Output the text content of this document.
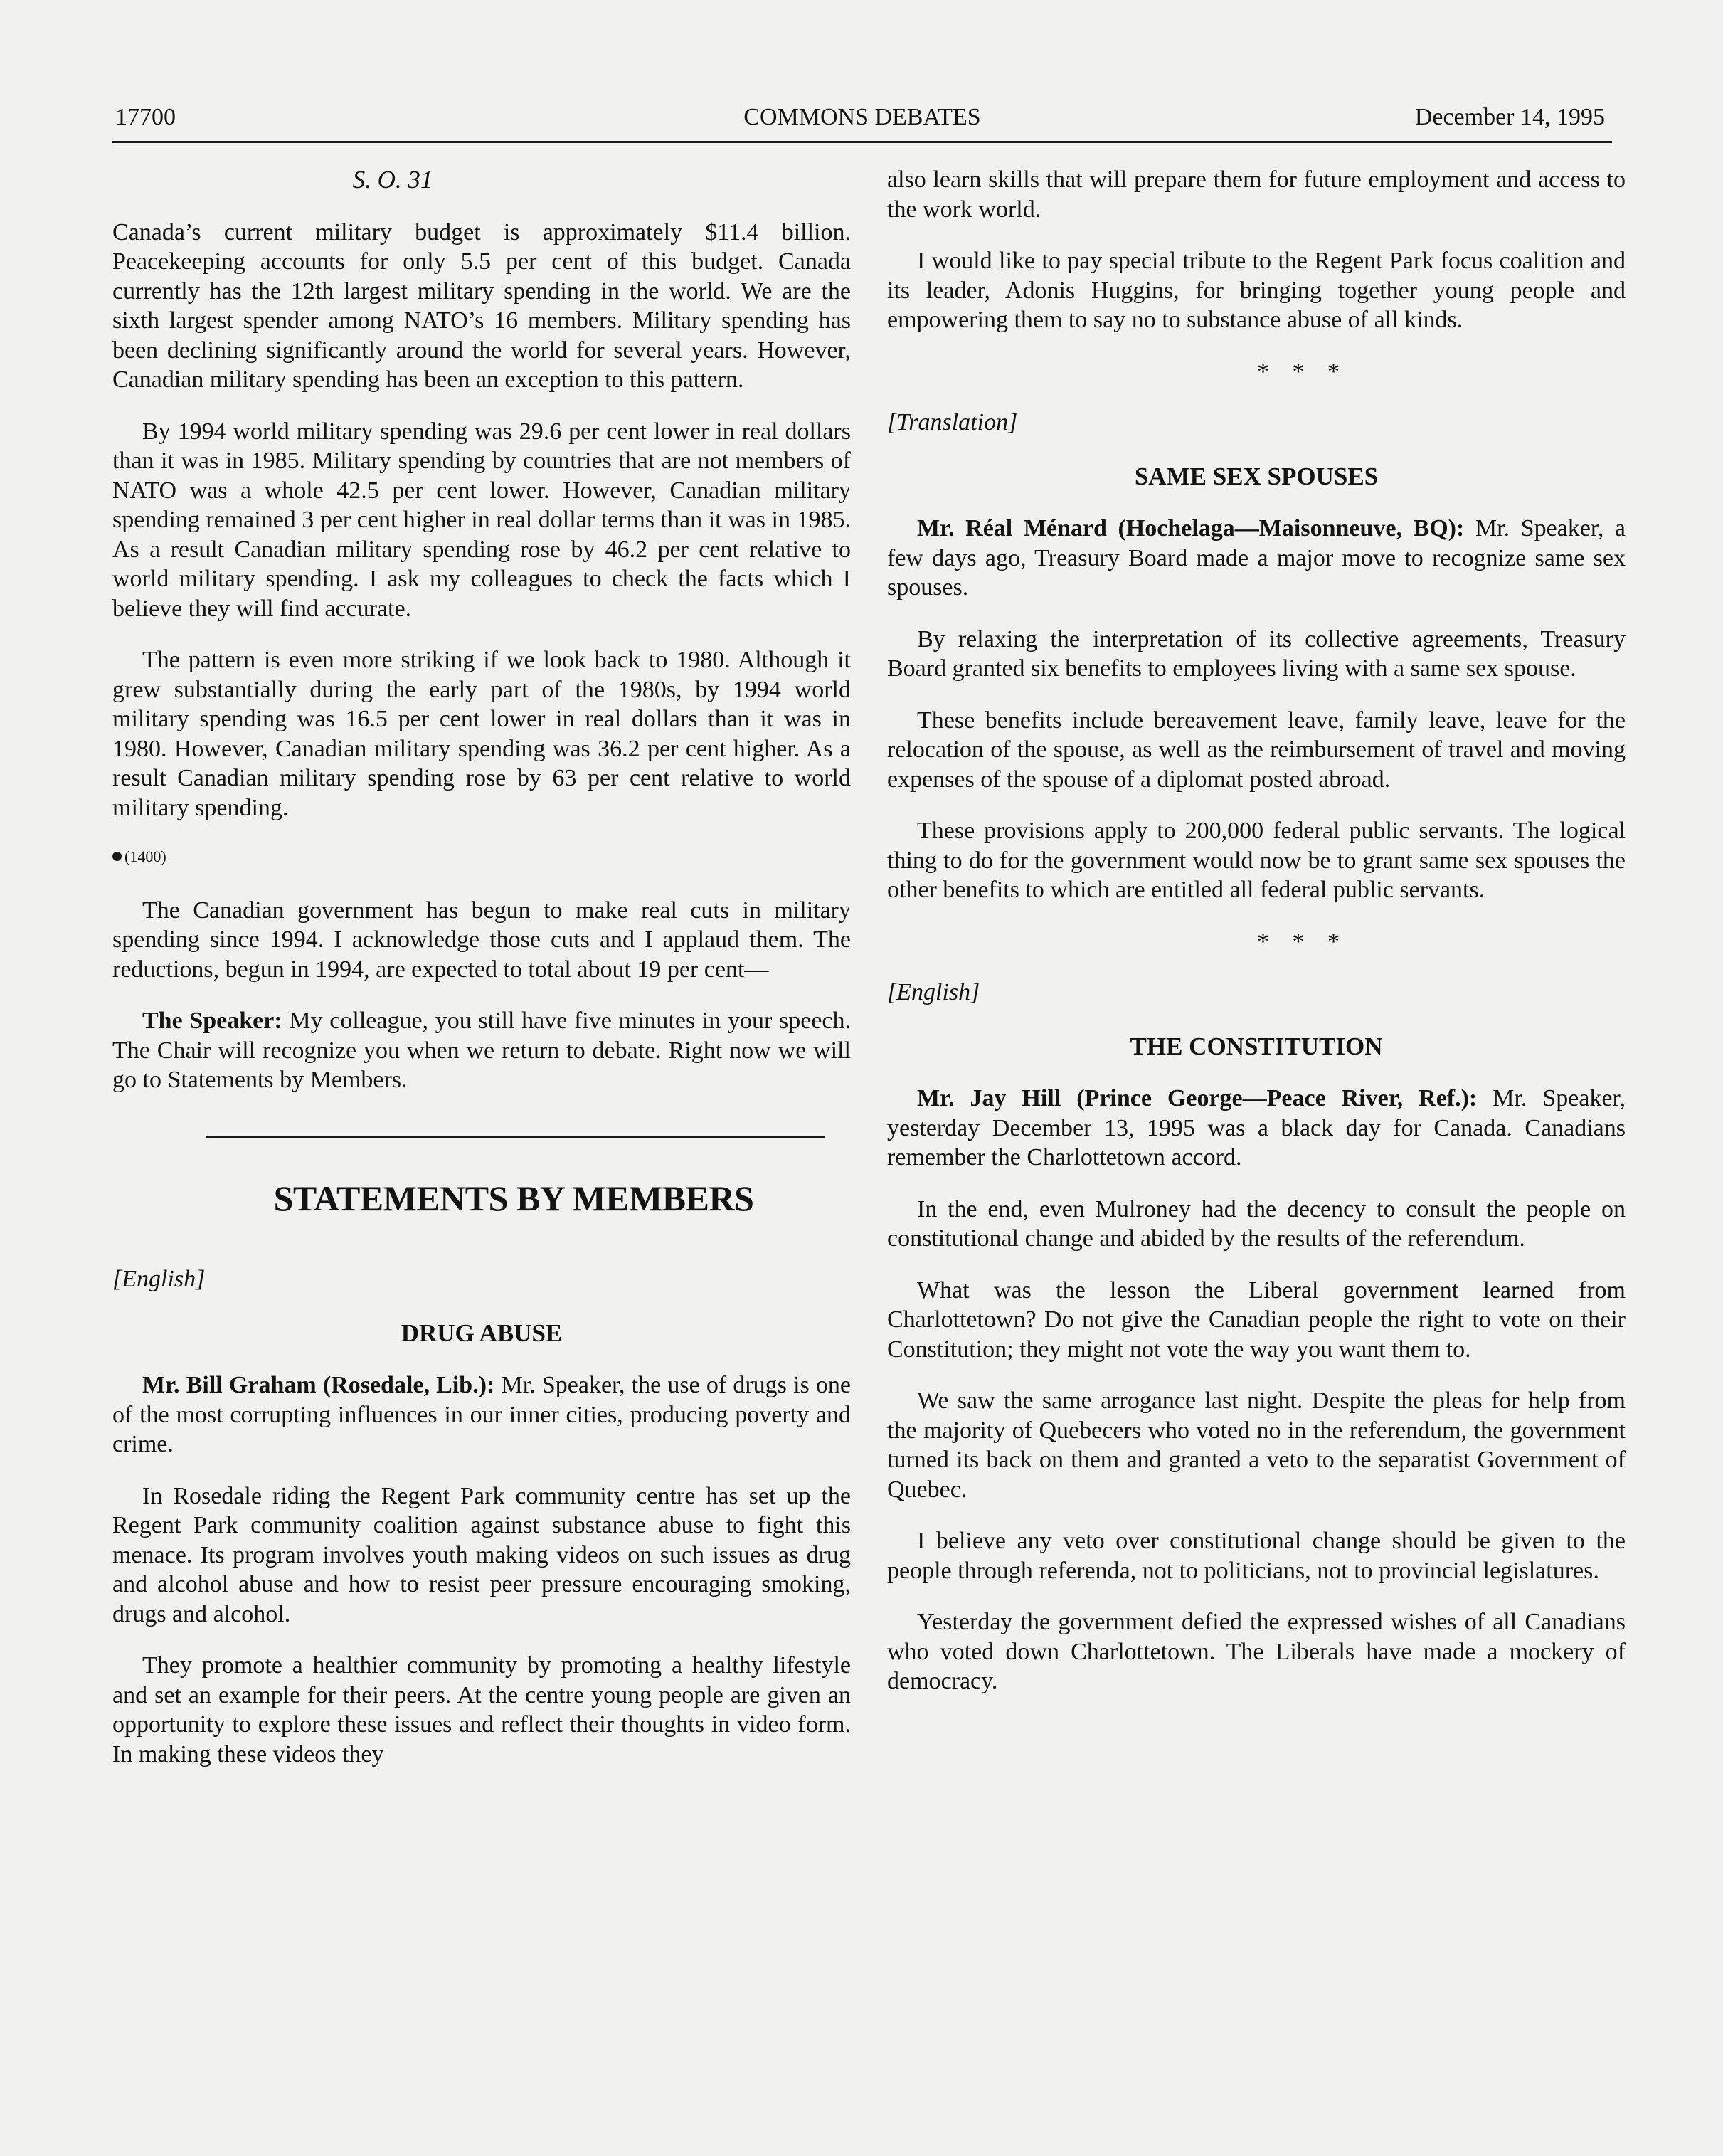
17700	COMMONS DEBATES	December 14, 1995
S. O. 31

Canada’s current military budget is approximately $11.4 billion. Peacekeeping accounts for only 5.5 per cent of this budget. Canada currently has the 12th largest military spending in the world. We are the sixth largest spender among NATO’s 16 members. Military spending has been declining significantly around the world for several years. However, Canadian military spending has been an exception to this pattern.

By 1994 world military spending was 29.6 per cent lower in real dollars than it was in 1985. Military spending by countries that are not members of NATO was a whole 42.5 per cent lower. However, Canadian military spending remained 3 per cent higher in real dollar terms than it was in 1985. As a result Canadian military spending rose by 46.2 per cent relative to world military spending. I ask my colleagues to check the facts which I believe they will find accurate.

The pattern is even more striking if we look back to 1980. Although it grew substantially during the early part of the 1980s, by 1994 world military spending was 16.5 per cent lower in real dollars than it was in 1980. However, Canadian military spending was 36.2 per cent higher. As a result Canadian military spending rose by 63 per cent relative to world military spending.

(1400)

The Canadian government has begun to make real cuts in military spending since 1994. I acknowledge those cuts and I applaud them. The reductions, begun in 1994, are expected to total about 19 per cent—

The Speaker: My colleague, you still have five minutes in your speech. The Chair will recognize you when we return to debate. Right now we will go to Statements by Members.

STATEMENTS BY MEMBERS
[English]
DRUG ABUSE

Mr. Bill Graham (Rosedale, Lib.): Mr. Speaker, the use of drugs is one of the most corrupting influences in our inner cities, producing poverty and crime.

In Rosedale riding the Regent Park community centre has set up the Regent Park community coalition against substance abuse to fight this menace. Its program involves youth making videos on such issues as drug and alcohol abuse and how to resist peer pressure encouraging smoking, drugs and alcohol.

They promote a healthier community by promoting a healthy lifestyle and set an example for their peers. At the centre young people are given an opportunity to explore these issues and reflect their thoughts in video form. In making these videos they

also learn skills that will prepare them for future employment and access to the work world.

I would like to pay special tribute to the Regent Park focus coalition and its leader, Adonis Huggins, for bringing together young people and empowering them to say no to substance abuse of all kinds.

* * *
[Translation]
SAME SEX SPOUSES

Mr. Réal Ménard (Hochelaga—Maisonneuve, BQ): Mr. Speaker, a few days ago, Treasury Board made a major move to recognize same sex spouses.

By relaxing the interpretation of its collective agreements, Treasury Board granted six benefits to employees living with a same sex spouse.

These benefits include bereavement leave, family leave, leave for the relocation of the spouse, as well as the reimbursement of travel and moving expenses of the spouse of a diplomat posted abroad.

These provisions apply to 200,000 federal public servants. The logical thing to do for the government would now be to grant same sex spouses the other benefits to which are entitled all federal public servants.

* * *
[English]
THE CONSTITUTION

Mr. Jay Hill (Prince George—Peace River, Ref.): Mr. Speaker, yesterday December 13, 1995 was a black day for Canada. Canadians remember the Charlottetown accord.

In the end, even Mulroney had the decency to consult the people on constitutional change and abided by the results of the referendum.

What was the lesson the Liberal government learned from Charlottetown? Do not give the Canadian people the right to vote on their Constitution; they might not vote the way you want them to.

We saw the same arrogance last night. Despite the pleas for help from the majority of Quebecers who voted no in the referendum, the government turned its back on them and granted a veto to the separatist Government of Quebec.

I believe any veto over constitutional change should be given to the people through referenda, not to politicians, not to provincial legislatures.

Yesterday the government defied the expressed wishes of all Canadians who voted down Charlottetown. The Liberals have made a mockery of democracy.
